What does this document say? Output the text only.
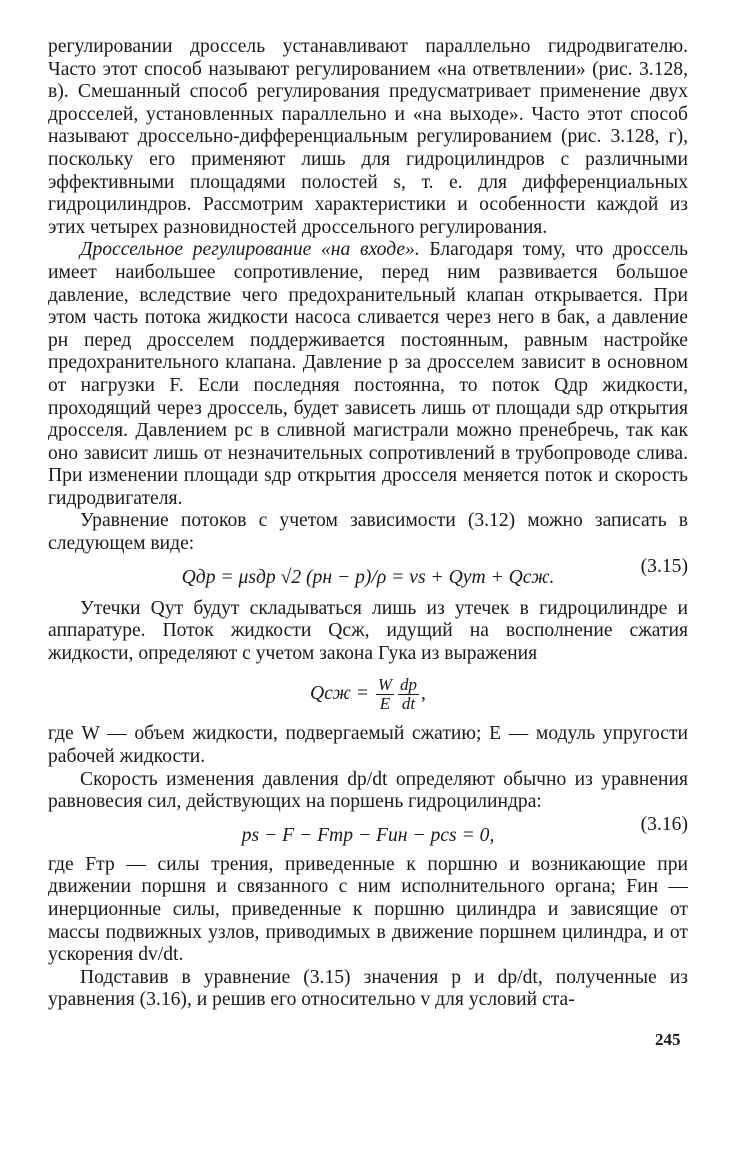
регулировании дроссель устанавливают параллельно гидродвигателю. Часто этот способ называют регулированием «на ответвлении» (рис. 3.128, в). Смешанный способ регулирования предусматривает применение двух дросселей, установленных параллельно и «на выходе». Часто этот способ называют дроссельно-дифференциальным регулированием (рис. 3.128, г), поскольку его применяют лишь для гидроцилиндров с различными эффективными площадями полостей s, т. е. для дифференциальных гидроцилиндров. Рассмотрим характеристики и особенности каждой из этих четырех разновидностей дроссельного регулирования.

Дроссельное регулирование «на входе». Благодаря тому, что дроссель имеет наибольшее сопротивление, перед ним развивается большое давление, вследствие чего предохранительный клапан открывается. При этом часть потока жидкости насоса сливается через него в бак, а давление pн перед дросселем поддерживается постоянным, равным настройке предохранительного клапана. Давление p за дросселем зависит в основном от нагрузки F. Если последняя постоянна, то поток Qдр жидкости, проходящий через дроссель, будет зависеть лишь от площади sдр открытия дросселя. Давлением pс в сливной магистрали можно пренебречь, так как оно зависит лишь от незначительных сопротивлений в трубопроводе слива. При изменении площади sдр открытия дросселя меняется поток и скорость гидродвигателя.

Уравнение потоков с учетом зависимости (3.12) можно записать в следующем виде:

Qдр = μsдр √2 (pн − p)/ρ = vs + Qут + Qсж.
(3.15)

Утечки Qут будут складываться лишь из утечек в гидроцилиндре и аппаратуре. Поток жидкости Qсж, идущий на восполнение сжатия жидкости, определяют с учетом закона Гука из выражения

Qсж =
$\frac{W}{E} \frac{dp}{dt}$ ,

где W — объем жидкости, подвергаемый сжатию; E — модуль упругости рабочей жидкости.

Скорость изменения давления dp/dt определяют обычно из уравнения равновесия сил, действующих на поршень гидроцилиндра:

ps − F − Fтр − Fин − pсs = 0,
(3.16)

где Fтр — силы трения, приведенные к поршню и возникающие при движении поршня и связанного с ним исполнительного органа; Fин — инерционные силы, приведенные к поршню цилиндра и зависящие от массы подвижных узлов, приводимых в движение поршнем цилиндра, и от ускорения dv/dt.

Подставив в уравнение (3.15) значения p и dp/dt, полученные из уравнения (3.16), и решив его относительно v для условий ста-

245
